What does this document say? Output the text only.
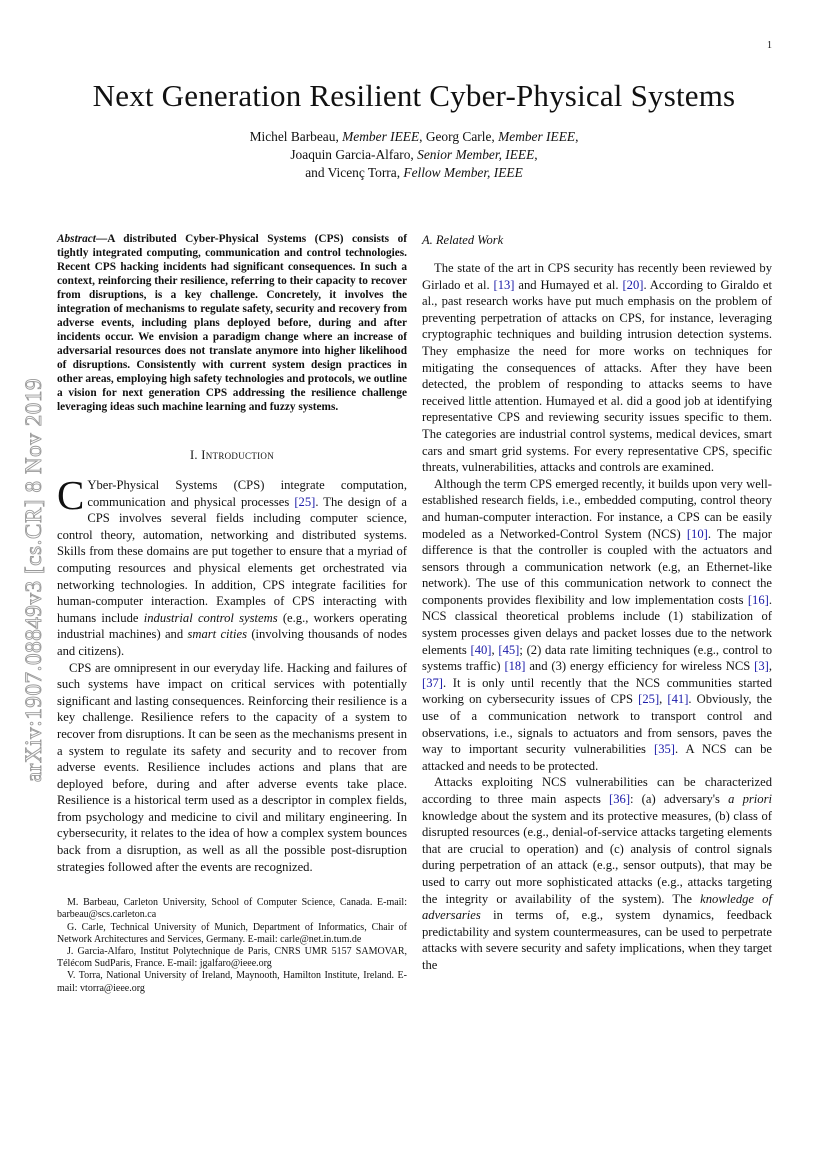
1
Next Generation Resilient Cyber-Physical Systems
Michel Barbeau, Member IEEE, Georg Carle, Member IEEE,
Joaquin Garcia-Alfaro, Senior Member, IEEE,
and Vicenç Torra, Fellow Member, IEEE
arXiv:1907.08849v3 [cs.CR] 8 Nov 2019

Abstract—A distributed Cyber-Physical Systems (CPS) consists of tightly integrated computing, communication and control technologies. Recent CPS hacking incidents had significant consequences. In such a context, reinforcing their resilience, referring to their capacity to recover from disruptions, is a key challenge. Concretely, it involves the integration of mechanisms to regulate safety, security and recovery from adverse events, including plans deployed before, during and after incidents occur. We envision a paradigm change where an increase of adversarial resources does not translate anymore into higher likelihood of disruptions. Consistently with current system design practices in other areas, employing high safety technologies and protocols, we outline a vision for next generation CPS addressing the resilience challenge leveraging ideas such machine learning and fuzzy systems.

I. Introduction

C Yber-Physical Systems (CPS) integrate computation, communication and physical processes [25]. The design of a CPS involves several fields including computer science, control theory, automation, networking and distributed systems. Skills from these domains are put together to ensure that a myriad of computing resources and physical elements get orchestrated via networking technologies. In addition, CPS integrate facilities for human-computer interaction. Examples of CPS interacting with humans include industrial control systems (e.g., workers operating industrial machines) and smart cities (involving thousands of nodes and citizens).

CPS are omnipresent in our everyday life. Hacking and failures of such systems have impact on critical services with potentially significant and lasting consequences. Reinforcing their resilience is a key challenge. Resilience refers to the capacity of a system to recover from disruptions. It can be seen as the mechanisms present in a system to regulate its safety and security and to recover from adverse events. Resilience includes actions and plans that are deployed before, during and after adverse events take place. Resilience is a historical term used as a descriptor in complex fields, from psychology and medicine to civil and military engineering. In cybersecurity, it relates to the idea of how a complex system bounces back from a disruption, as well as all the possible post-disruption strategies followed after the events are recognized.

M. Barbeau, Carleton University, School of Computer Science, Canada. E-mail: barbeau@scs.carleton.ca

G. Carle, Technical University of Munich, Department of Informatics, Chair of Network Architectures and Services, Germany. E-mail: carle@net.in.tum.de

J. Garcia-Alfaro, Institut Polytechnique de Paris, CNRS UMR 5157 SAMOVAR, Télécom SudParis, France. E-mail: jgalfaro@ieee.org

V. Torra, National University of Ireland, Maynooth, Hamilton Institute, Ireland. E-mail: vtorra@ieee.org

A. Related Work

The state of the art in CPS security has recently been reviewed by Girlado et al. [13] and Humayed et al. [20]. According to Giraldo et al., past research works have put much emphasis on the problem of preventing perpetration of attacks on CPS, for instance, leveraging cryptographic techniques and building intrusion detection systems. They emphasize the need for more works on techniques for mitigating the consequences of attacks. After they have been detected, the problem of responding to attacks seems to have received little attention. Humayed et al. did a good job at identifying representative CPS and reviewing security issues specific to them. The categories are industrial control systems, medical devices, smart cars and smart grid systems. For every representative CPS, specific threats, vulnerabilities, attacks and controls are examined.

Although the term CPS emerged recently, it builds upon very well-established research fields, i.e., embedded computing, control theory and human-computer interaction. For instance, a CPS can be easily modeled as a Networked-Control System (NCS) [10]. The major difference is that the controller is coupled with the actuators and sensors through a communication network (e.g, an Ethernet-like network). The use of this communication network to connect the components provides flexibility and low implementation costs [16]. NCS classical theoretical problems include (1) stabilization of system processes given delays and packet losses due to the network elements [40], [45]; (2) data rate limiting techniques (e.g., control to systems traffic) [18] and (3) energy efficiency for wireless NCS [3], [37]. It is only until recently that the NCS communities started working on cybersecurity issues of CPS [25], [41]. Obviously, the use of a communication network to transport control and observations, i.e., signals to actuators and from sensors, paves the way to important security vulnerabilities [35]. A NCS can be attacked and needs to be protected.

Attacks exploiting NCS vulnerabilities can be characterized according to three main aspects [36]: (a) adversary's a priori knowledge about the system and its protective measures, (b) class of disrupted resources (e.g., denial-of-service attacks targeting elements that are crucial to operation) and (c) analysis of control signals during perpetration of an attack (e.g., sensor outputs), that may be used to carry out more sophisticated attacks (e.g., attacks targeting the integrity or availability of the system). The knowledge of adversaries in terms of, e.g., system dynamics, feedback predictability and system countermeasures, can be used to perpetrate attacks with severe security and safety implications, when they target the
